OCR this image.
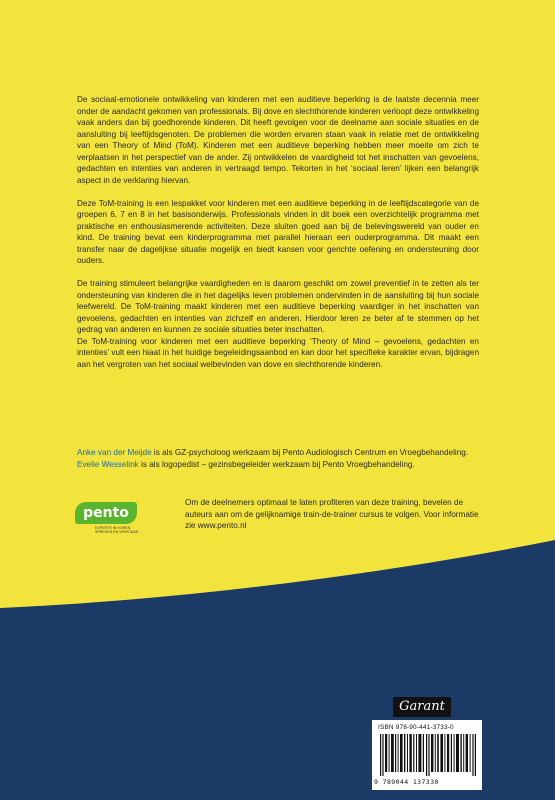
De sociaal-emotionele ontwikkeling van kinderen met een auditieve beperking is de laatste decennia meer onder de aandacht gekomen van professionals. Bij dove en slechthorende kinderen verloopt deze ontwikkeling vaak anders dan bij goedhorende kinderen. Dit heeft gevolgen voor de deelname aan sociale situaties en de aansluiting bij leeftijdsgenoten. De problemen die worden ervaren staan vaak in relatie met de ontwikkeling van een Theory of Mind (ToM). Kinderen met een auditieve beperking hebben meer moeite om zich te verplaatsen in het perspectief van de ander. Zij ontwikkelen de vaardigheid tot het inschatten van gevoelens, gedachten en intenties van anderen in vertraagd tempo. Tekorten in het ‘sociaal leren’ lijken een belangrijk aspect in de verklaring hiervan.

Deze ToM-training is een lespakket voor kinderen met een auditieve beperking in de leeftijdscategorie van de groepen 6, 7 en 8 in het basisonderwijs. Professionals vinden in dit boek een overzichtelijk programma met praktische en enthousiasmerende activiteiten. Deze sluiten goed aan bij de belevingswereld van ouder en kind. De training bevat een kinderprogramma met parallel hieraan een ouderprogramma. Dit maakt een transfer naar de dagelijkse situatie mogelijk en biedt kansen voor gerichte oefening en ondersteuning door ouders.

De training stimuleert belangrijke vaardigheden en is daarom geschikt om zowel preventief in te zetten als ter ondersteuning van kinderen die in het dagelijks leven problemen ondervinden in de aansluiting bij hun sociale leefwereld. De ToM-training maakt kinderen met een auditieve beperking vaardiger in het inschatten van gevoelens, gedachten en intenties van zichzelf en anderen. Hierdoor leren ze beter af te stemmen op het gedrag van anderen en kunnen ze sociale situaties beter inschatten.

De ToM-training voor kinderen met een auditieve beperking ‘Theory of Mind – gevoelens, gedachten en intenties’ vult een hiaat in het huidige begeleidingsaanbod en kan door het specifieke karakter ervan, bijdragen aan het vergroten van het sociaal welbevinden van dove en slechthorende kinderen.

Anke van der Meijde is als GZ-psycholoog werkzaam bij Pento Audiologisch Centrum en Vroegbehandeling.
Evelie Wesselink is als logopedist – gezinsbegeleider werkzaam bij Pento Vroegbehandeling.
pento
EXPERTS IN HOREN, SPREKEN EN VERSTAAN
Om de deelnemers optimaal te laten profiteren van deze training, bevelen de auteurs aan om de gelijknamige train-de-trainer cursus te volgen. Voor informatie zie www.pento.nl
Garant
ISBN 978-90-441-3733-0
9 789044 137330
